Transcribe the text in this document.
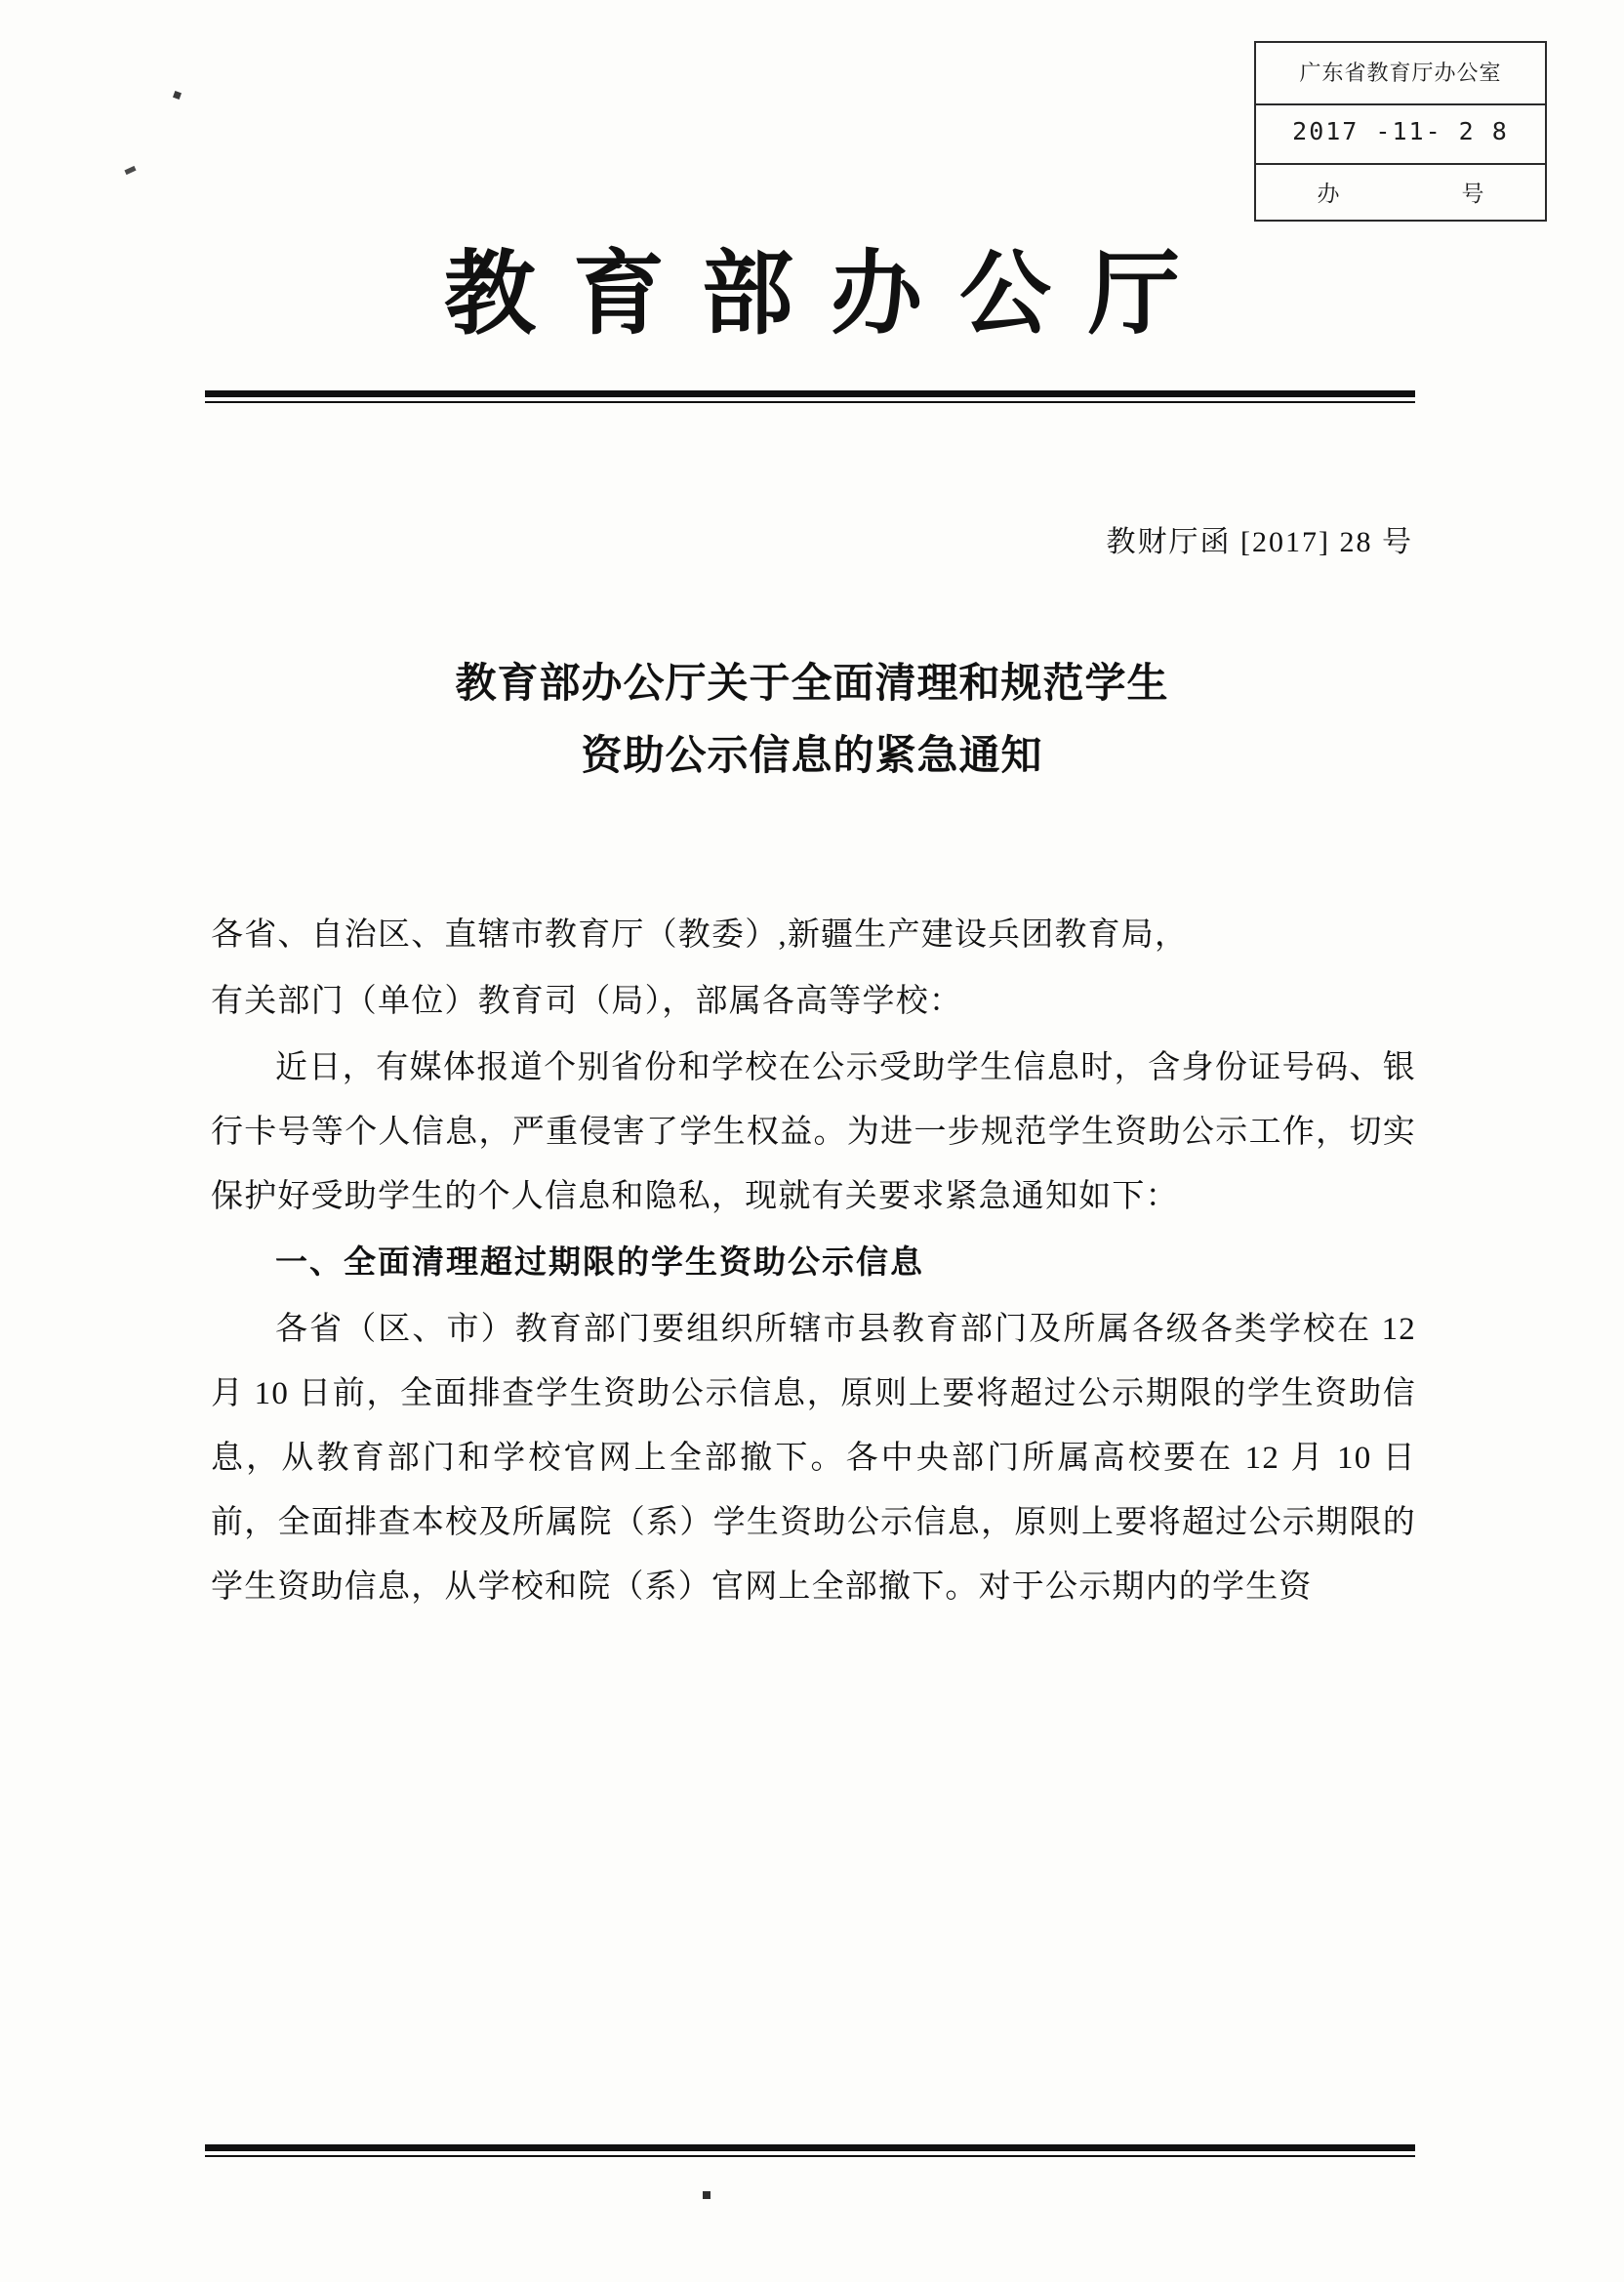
广东省教育厅办公室
2017 -11- 2 8
办	号
教育部办公厅
教财厅函 [2017] 28 号
教育部办公厅关于全面清理和规范学生
资助公示信息的紧急通知

各省、自治区、直辖市教育厅（教委）,新疆生产建设兵团教育局，

有关部门（单位）教育司（局），部属各高等学校：

近日，有媒体报道个别省份和学校在公示受助学生信息时，含身份证号码、银行卡号等个人信息，严重侵害了学生权益。为进一步规范学生资助公示工作，切实保护好受助学生的个人信息和隐私，现就有关要求紧急通知如下：

一、全面清理超过期限的学生资助公示信息

各省（区、市）教育部门要组织所辖市县教育部门及所属各级各类学校在 12 月 10 日前，全面排查学生资助公示信息，原则上要将超过公示期限的学生资助信息，从教育部门和学校官网上全部撤下。各中央部门所属高校要在 12 月 10 日前，全面排查本校及所属院（系）学生资助公示信息，原则上要将超过公示期限的学生资助信息，从学校和院（系）官网上全部撤下。对于公示期内的学生资
